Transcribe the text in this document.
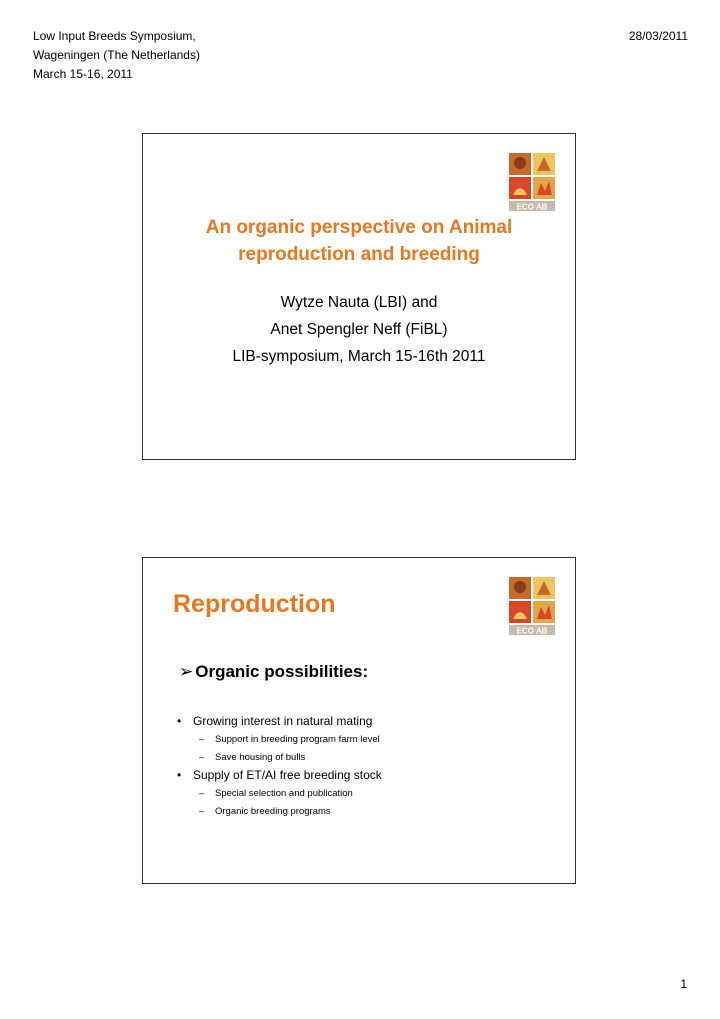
Low Input Breeds Symposium,
Wageningen (The Netherlands)
March 15-16, 2011
28/03/2011
ECO AB
An organic perspective on Animal
reproduction and breeding
Wytze Nauta (LBI) and
Anet Spengler Neff (FiBL)
LIB-symposium, March 15-16th 2011
ECO AB
Reproduction
➢ Organic possibilities:
• Growing interest in natural mating
– Support in breeding program farm level
– Save housing of bulls
• Supply of ET/AI free breeding stock
– Special selection and publication
– Organic breeding programs
1
